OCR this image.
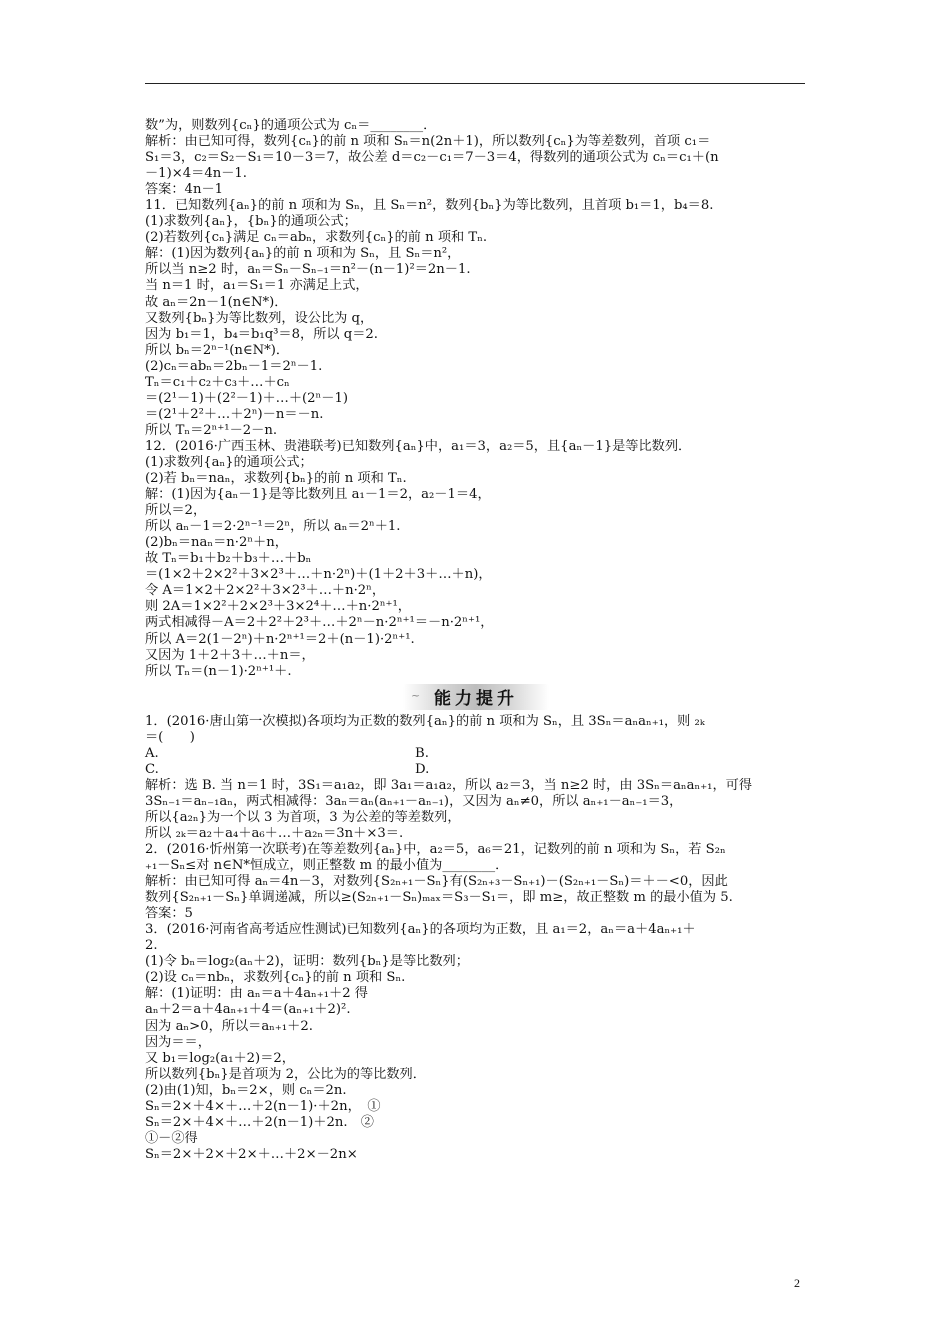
数”为，则数列{cₙ}的通项公式为 cₙ＝________．
解析：由已知可得，数列{cₙ}的前 n 项和 Sₙ＝n(2n＋1)，所以数列{cₙ}为等差数列，首项 c₁＝
S₁＝3，c₂＝S₂－S₁＝10－3＝7，故公差 d＝c₂－c₁＝7－3＝4，得数列的通项公式为 cₙ＝c₁＋(n
－1)×4＝4n－1.
答案：4n－1
11．已知数列{aₙ}的前 n 项和为 Sₙ，且 Sₙ＝n²，数列{bₙ}为等比数列，且首项 b₁＝1，b₄＝8.
(1)求数列{aₙ}，{bₙ}的通项公式；
(2)若数列{cₙ}满足 cₙ＝abₙ，求数列{cₙ}的前 n 项和 Tₙ.
解：(1)因为数列{aₙ}的前 n 项和为 Sₙ，且 Sₙ＝n²，
所以当 n≥2 时，aₙ＝Sₙ－Sₙ₋₁＝n²－(n－1)²＝2n－1.
当 n＝1 时，a₁＝S₁＝1 亦满足上式，
故 aₙ＝2n－1(n∈N*)．
又数列{bₙ}为等比数列，设公比为 q，
因为 b₁＝1，b₄＝b₁q³＝8，所以 q＝2.
所以 bₙ＝2ⁿ⁻¹(n∈N*)．
(2)cₙ＝abₙ＝2bₙ－1＝2ⁿ－1.
Tₙ＝c₁＋c₂＋c₃＋…＋cₙ
＝(2¹－1)＋(2²－1)＋…＋(2ⁿ－1)
＝(2¹＋2²＋…＋2ⁿ)－n＝－n.
所以 Tₙ＝2ⁿ⁺¹－2－n.
12．(2016·广西玉林、贵港联考)已知数列{aₙ}中，a₁＝3，a₂＝5，且{aₙ－1}是等比数列．
(1)求数列{aₙ}的通项公式；
(2)若 bₙ＝naₙ，求数列{bₙ}的前 n 项和 Tₙ.
解：(1)因为{aₙ－1}是等比数列且 a₁－1＝2，a₂－1＝4，
所以＝2，
所以 aₙ－1＝2·2ⁿ⁻¹＝2ⁿ，所以 aₙ＝2ⁿ＋1.
(2)bₙ＝naₙ＝n·2ⁿ＋n，
故 Tₙ＝b₁＋b₂＋b₃＋…＋bₙ
＝(1×2＋2×2²＋3×2³＋…＋n·2ⁿ)＋(1＋2＋3＋…＋n)，
令 A＝1×2＋2×2²＋3×2³＋…＋n·2ⁿ，
则 2A＝1×2²＋2×2³＋3×2⁴＋…＋n·2ⁿ⁺¹，
两式相减得－A＝2＋2²＋2³＋…＋2ⁿ－n·2ⁿ⁺¹＝－n·2ⁿ⁺¹，
所以 A＝2(1－2ⁿ)＋n·2ⁿ⁺¹＝2＋(n－1)·2ⁿ⁺¹.
又因为 1＋2＋3＋…＋n＝，
所以 Tₙ＝(n－1)·2ⁿ⁺¹＋.
~ 能力提升
1．(2016·唐山第一次模拟)各项均为正数的数列{aₙ}的前 n 项和为 Sₙ，且 3Sₙ＝aₙaₙ₊₁，则 ₂ₖ
＝(　　)
A.	B.
C.	D.
解析：选 B. 当 n＝1 时，3S₁＝a₁a₂，即 3a₁＝a₁a₂，所以 a₂＝3，当 n≥2 时，由 3Sₙ＝aₙaₙ₊₁，可得
3Sₙ₋₁＝aₙ₋₁aₙ，两式相减得：3aₙ＝aₙ(aₙ₊₁－aₙ₋₁)，又因为 aₙ≠0，所以 aₙ₊₁－aₙ₋₁＝3，
所以{a₂ₙ}为一个以 3 为首项，3 为公差的等差数列，
所以 ₂ₖ＝a₂＋a₄＋a₆＋…＋a₂ₙ＝3n＋×3＝.
2．(2016·忻州第一次联考)在等差数列{aₙ}中，a₂＝5，a₆＝21，记数列的前 n 项和为 Sₙ，若 S₂ₙ
₊₁－Sₙ≤对 n∈N*恒成立，则正整数 m 的最小值为________．
解析：由已知可得 aₙ＝4n－3，对数列{S₂ₙ₊₁－Sₙ}有(S₂ₙ₊₃－Sₙ₊₁)－(S₂ₙ₊₁－Sₙ)＝＋－<0，因此
数列{S₂ₙ₊₁－Sₙ}单调递减，所以≥(S₂ₙ₊₁－Sₙ)ₘₐₓ＝S₃－S₁＝，即 m≥，故正整数 m 的最小值为 5.
答案：5
3．(2016·河南省高考适应性测试)已知数列{aₙ}的各项均为正数，且 a₁＝2，aₙ＝a＋4aₙ₊₁＋
2.
(1)令 bₙ＝log₂(aₙ＋2)，证明：数列{bₙ}是等比数列；
(2)设 cₙ＝nbₙ，求数列{cₙ}的前 n 项和 Sₙ.
解：(1)证明：由 aₙ＝a＋4aₙ₊₁＋2 得
aₙ＋2＝a＋4aₙ₊₁＋4＝(aₙ₊₁＋2)².
因为 aₙ>0，所以＝aₙ₊₁＋2.
因为＝＝，
又 b₁＝log₂(a₁＋2)＝2，
所以数列{bₙ}是首项为 2，公比为的等比数列．
(2)由(1)知，bₙ＝2×，则 cₙ＝2n.
Sₙ＝2×＋4×＋…＋2(n－1)·＋2n，　①
Sₙ＝2×＋4×＋…＋2(n－1)＋2n.　②
①－②得
Sₙ＝2×＋2×＋2×＋…＋2×－2n×
2
